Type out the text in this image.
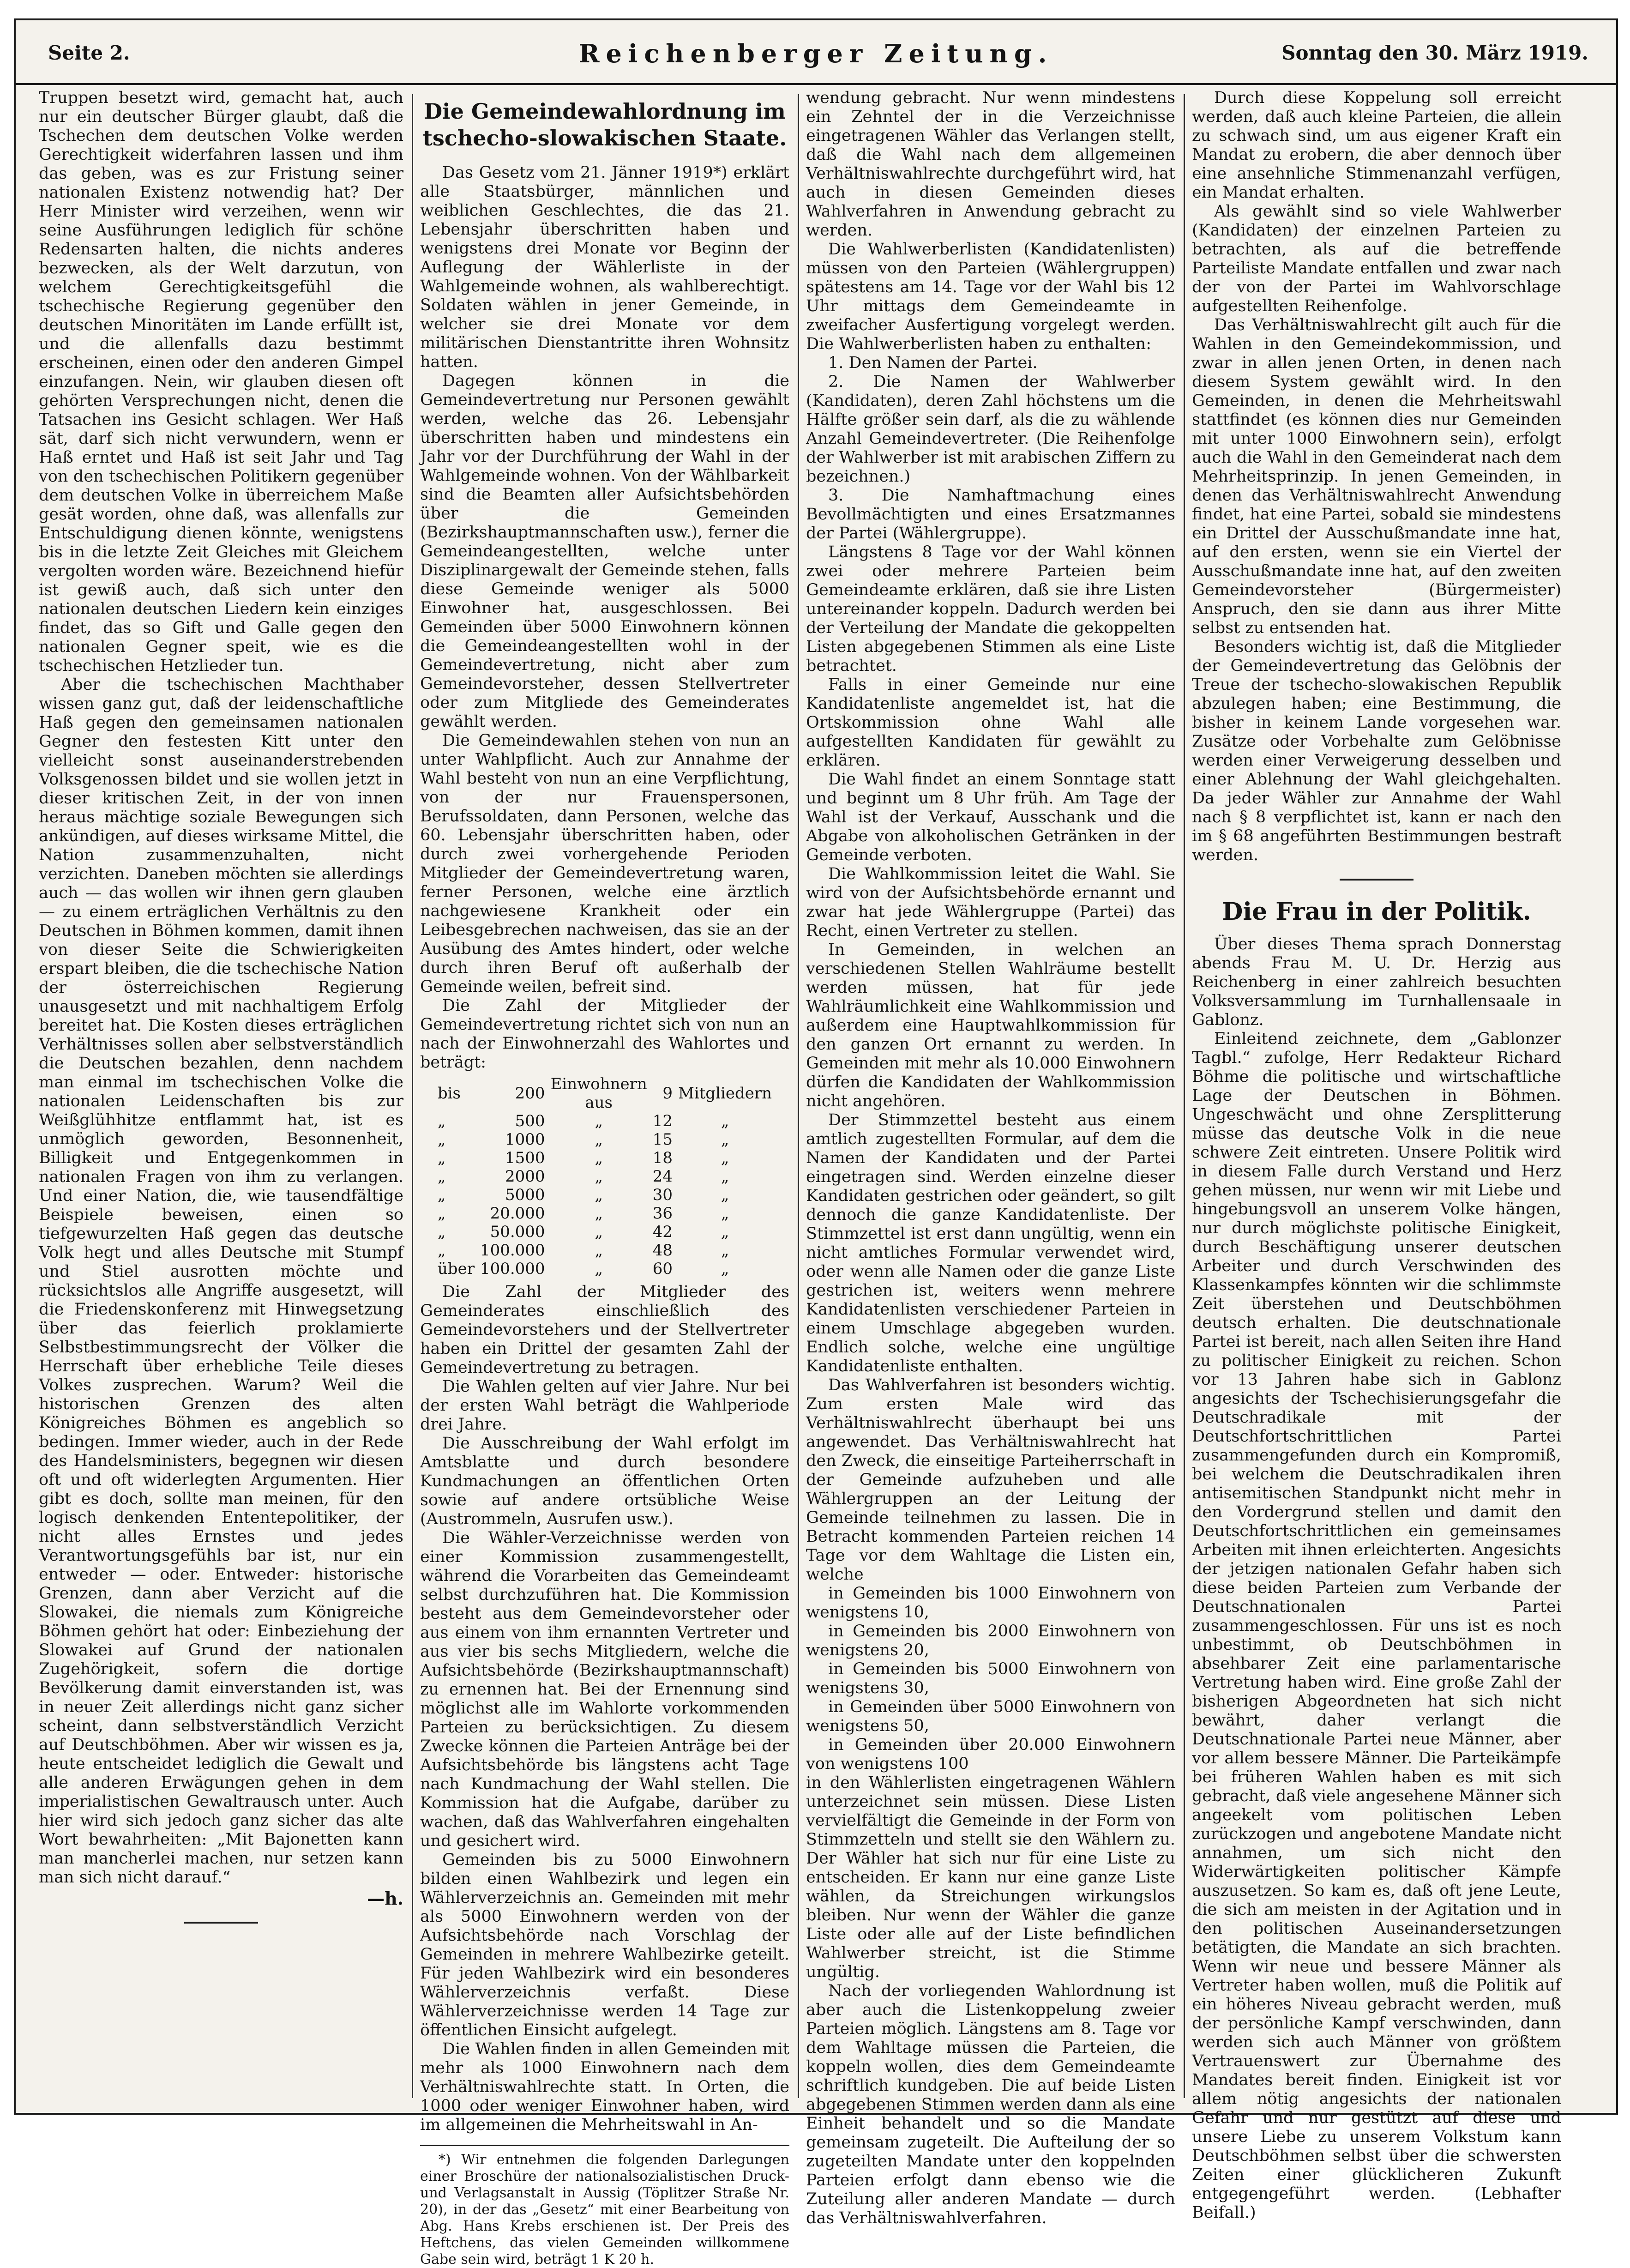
Seite 2.	Reichenberger Zeitung.	Sonntag den 30. März 1919.

Truppen besetzt wird, gemacht hat, auch nur ein deutscher Bürger glaubt, daß die Tschechen dem deutschen Volke werden Gerechtigkeit widerfahren lassen und ihm das geben, was es zur Fristung seiner nationalen Existenz notwendig hat? Der Herr Minister wird verzeihen, wenn wir seine Ausführungen lediglich für schöne Redensarten halten, die nichts anderes bezwecken, als der Welt darzutun, von welchem Gerechtigkeitsgefühl die tschechische Regierung gegenüber den deutschen Minoritäten im Lande erfüllt ist, und die allenfalls dazu bestimmt erscheinen, einen oder den anderen Gimpel einzufangen. Nein, wir glauben diesen oft gehörten Versprechungen nicht, denen die Tatsachen ins Gesicht schlagen. Wer Haß sät, darf sich nicht verwundern, wenn er Haß erntet und Haß ist seit Jahr und Tag von den tschechischen Politikern gegenüber dem deutschen Volke in überreichem Maße gesät worden, ohne daß, was allenfalls zur Entschuldigung dienen könnte, wenigstens bis in die letzte Zeit Gleiches mit Gleichem vergolten worden wäre. Bezeichnend hiefür ist gewiß auch, daß sich unter den nationalen deutschen Liedern kein einziges findet, das so Gift und Galle gegen den nationalen Gegner speit, wie es die tschechischen Hetzlieder tun.

Aber die tschechischen Machthaber wissen ganz gut, daß der leidenschaftliche Haß gegen den gemeinsamen nationalen Gegner den festesten Kitt unter den vielleicht sonst auseinanderstrebenden Volksgenossen bildet und sie wollen jetzt in dieser kritischen Zeit, in der von innen heraus mächtige soziale Bewegungen sich ankündigen, auf dieses wirksame Mittel, die Nation zusammenzuhalten, nicht verzichten. Daneben möchten sie allerdings auch — das wollen wir ihnen gern glauben — zu einem erträglichen Verhältnis zu den Deutschen in Böhmen kommen, damit ihnen von dieser Seite die Schwierigkeiten erspart bleiben, die die tschechische Nation der österreichischen Regierung unausgesetzt und mit nachhaltigem Erfolg bereitet hat. Die Kosten dieses erträglichen Verhältnisses sollen aber selbstverständlich die Deutschen bezahlen, denn nachdem man einmal im tschechischen Volke die nationalen Leidenschaften bis zur Weißglühhitze entflammt hat, ist es unmöglich geworden, Besonnenheit, Billigkeit und Entgegenkommen in nationalen Fragen von ihm zu verlangen. Und einer Nation, die, wie tausendfältige Beispiele beweisen, einen so tiefgewurzelten Haß gegen das deutsche Volk hegt und alles Deutsche mit Stumpf und Stiel ausrotten möchte und rücksichtslos alle Angriffe ausgesetzt, will die Friedenskonferenz mit Hinwegsetzung über das feierlich proklamierte Selbstbestimmungsrecht der Völker die Herrschaft über erhebliche Teile dieses Volkes zusprechen. Warum? Weil die historischen Grenzen des alten Königreiches Böhmen es angeblich so bedingen. Immer wieder, auch in der Rede des Handelsministers, begegnen wir diesen oft und oft widerlegten Argumenten. Hier gibt es doch, sollte man meinen, für den logisch denkenden Ententepolitiker, der nicht alles Ernstes und jedes Verantwortungsgefühls bar ist, nur ein entweder — oder. Entweder: historische Grenzen, dann aber Verzicht auf die Slowakei, die niemals zum Königreiche Böhmen gehört hat oder: Einbeziehung der Slowakei auf Grund der nationalen Zugehörigkeit, sofern die dortige Bevölkerung damit einverstanden ist, was in neuer Zeit allerdings nicht ganz sicher scheint, dann selbstverständlich Verzicht auf Deutschböhmen. Aber wir wissen es ja, heute entscheidet lediglich die Gewalt und alle anderen Erwägungen gehen in dem imperialistischen Gewaltrausch unter. Auch hier wird sich jedoch ganz sicher das alte Wort bewahrheiten: „Mit Bajonetten kann man mancherlei machen, nur setzen kann man sich nicht darauf.“

—h.
Die Gemeindewahlordnung im tschecho-slowakischen Staate.

Das Gesetz vom 21. Jänner 1919*) erklärt alle Staatsbürger, männlichen und weiblichen Geschlechtes, die das 21. Lebensjahr überschritten haben und wenigstens drei Monate vor Beginn der Auflegung der Wählerliste in der Wahlgemeinde wohnen, als wahlberechtigt. Soldaten wählen in jener Gemeinde, in welcher sie drei Monate vor dem militärischen Dienstantritte ihren Wohnsitz hatten.

Dagegen können in die Gemeindevertretung nur Personen gewählt werden, welche das 26. Lebensjahr überschritten haben und mindestens ein Jahr vor der Durchführung der Wahl in der Wahlgemeinde wohnen. Von der Wählbarkeit sind die Beamten aller Aufsichtsbehörden über die Gemeinden (Bezirkshauptmannschaften usw.), ferner die Gemeindeangestellten, welche unter Disziplinargewalt der Gemeinde stehen, falls diese Gemeinde weniger als 5000 Einwohner hat, ausgeschlossen. Bei Gemeinden über 5000 Einwohnern können die Gemeindeangestellten wohl in der Gemeindevertretung, nicht aber zum Gemeindevorsteher, dessen Stellvertreter oder zum Mitgliede des Gemeinderates gewählt werden.

Die Gemeindewahlen stehen von nun an unter Wahlpflicht. Auch zur Annahme der Wahl besteht von nun an eine Verpflichtung, von der nur Frauenspersonen, Berufssoldaten, dann Personen, welche das 60. Lebensjahr überschritten haben, oder durch zwei vorhergehende Perioden Mitglieder der Gemeindevertretung waren, ferner Personen, welche eine ärztlich nachgewiesene Krankheit oder ein Leibesgebrechen nachweisen, das sie an der Ausübung des Amtes hindert, oder welche durch ihren Beruf oft außerhalb der Gemeinde weilen, befreit sind.

Die Zahl der Mitglieder der Gemeindevertretung richtet sich von nun an nach der Einwohnerzahl des Wahlortes und beträgt:

bis	200	Einwohnern aus	9	Mitgliedern
„	500	„	12	„
„	1000	„	15	„
„	1500	„	18	„
„	2000	„	24	„
„	5000	„	30	„
„	20.000	„	36	„
„	50.000	„	42	„
„	100.000	„	48	„
über	100.000	„	60	„

Die Zahl der Mitglieder des Gemeinderates einschließlich des Gemeindevorstehers und der Stellvertreter haben ein Drittel der gesamten Zahl der Gemeindevertretung zu betragen.

Die Wahlen gelten auf vier Jahre. Nur bei der ersten Wahl beträgt die Wahlperiode drei Jahre.

Die Ausschreibung der Wahl erfolgt im Amtsblatte und durch besondere Kundmachungen an öffentlichen Orten sowie auf andere ortsübliche Weise (Austrommeln, Ausrufen usw.).

Die Wähler-Verzeichnisse werden von einer Kommission zusammengestellt, während die Vorarbeiten das Gemeindeamt selbst durchzuführen hat. Die Kommission besteht aus dem Gemeindevorsteher oder aus einem von ihm ernannten Vertreter und aus vier bis sechs Mitgliedern, welche die Aufsichtsbehörde (Bezirkshauptmannschaft) zu ernennen hat. Bei der Ernennung sind möglichst alle im Wahlorte vorkommenden Parteien zu berücksichtigen. Zu diesem Zwecke können die Parteien Anträge bei der Aufsichtsbehörde bis längstens acht Tage nach Kundmachung der Wahl stellen. Die Kommission hat die Aufgabe, darüber zu wachen, daß das Wahlverfahren eingehalten und gesichert wird.

Gemeinden bis zu 5000 Einwohnern bilden einen Wahlbezirk und legen ein Wählerverzeichnis an. Gemeinden mit mehr als 5000 Einwohnern werden von der Aufsichtsbehörde nach Vorschlag der Gemeinden in mehrere Wahlbezirke geteilt. Für jeden Wahlbezirk wird ein besonderes Wählerverzeichnis verfaßt. Diese Wählerverzeichnisse werden 14 Tage zur öffentlichen Einsicht aufgelegt.

Die Wahlen finden in allen Gemeinden mit mehr als 1000 Einwohnern nach dem Verhältniswahlrechte statt. In Orten, die 1000 oder weniger Einwohner haben, wird im allgemeinen die Mehrheitswahl in An-

*) Wir entnehmen die folgenden Darlegungen einer Broschüre der nationalsozialistischen Druck- und Verlagsanstalt in Aussig (Töplitzer Straße Nr. 20), in der das „Gesetz“ mit einer Bearbeitung von Abg. Hans Krebs erschienen ist. Der Preis des Heftchens, das vielen Gemeinden willkommene Gabe sein wird, beträgt 1 K 20 h.

wendung gebracht. Nur wenn mindestens ein Zehntel der in die Verzeichnisse eingetragenen Wähler das Verlangen stellt, daß die Wahl nach dem allgemeinen Verhältniswahlrechte durchgeführt wird, hat auch in diesen Gemeinden dieses Wahlverfahren in Anwendung gebracht zu werden.

Die Wahlwerberlisten (Kandidatenlisten) müssen von den Parteien (Wählergruppen) spätestens am 14. Tage vor der Wahl bis 12 Uhr mittags dem Gemeindeamte in zweifacher Ausfertigung vorgelegt werden. Die Wahlwerberlisten haben zu enthalten:

1. Den Namen der Partei.

2. Die Namen der Wahlwerber (Kandidaten), deren Zahl höchstens um die Hälfte größer sein darf, als die zu wählende Anzahl Gemeindevertreter. (Die Reihenfolge der Wahlwerber ist mit arabischen Ziffern zu bezeichnen.)

3. Die Namhaftmachung eines Bevollmächtigten und eines Ersatzmannes der Partei (Wählergruppe).

Längstens 8 Tage vor der Wahl können zwei oder mehrere Parteien beim Gemeindeamte erklären, daß sie ihre Listen untereinander koppeln. Dadurch werden bei der Verteilung der Mandate die gekoppelten Listen abgegebenen Stimmen als eine Liste betrachtet.

Falls in einer Gemeinde nur eine Kandidatenliste angemeldet ist, hat die Ortskommission ohne Wahl alle aufgestellten Kandidaten für gewählt zu erklären.

Die Wahl findet an einem Sonntage statt und beginnt um 8 Uhr früh. Am Tage der Wahl ist der Verkauf, Ausschank und die Abgabe von alkoholischen Getränken in der Gemeinde verboten.

Die Wahlkommission leitet die Wahl. Sie wird von der Aufsichtsbehörde ernannt und zwar hat jede Wählergruppe (Partei) das Recht, einen Vertreter zu stellen.

In Gemeinden, in welchen an verschiedenen Stellen Wahlräume bestellt werden müssen, hat für jede Wahlräumlichkeit eine Wahlkommission und außerdem eine Hauptwahlkommission für den ganzen Ort ernannt zu werden. In Gemeinden mit mehr als 10.000 Einwohnern dürfen die Kandidaten der Wahlkommission nicht angehören.

Der Stimmzettel besteht aus einem amtlich zugestellten Formular, auf dem die Namen der Kandidaten und der Partei eingetragen sind. Werden einzelne dieser Kandidaten gestrichen oder geändert, so gilt dennoch die ganze Kandidatenliste. Der Stimmzettel ist erst dann ungültig, wenn ein nicht amtliches Formular verwendet wird, oder wenn alle Namen oder die ganze Liste gestrichen ist, weiters wenn mehrere Kandidatenlisten verschiedener Parteien in einem Umschlage abgegeben wurden. Endlich solche, welche eine ungültige Kandidatenliste enthalten.

Das Wahlverfahren ist besonders wichtig. Zum ersten Male wird das Verhältniswahlrecht überhaupt bei uns angewendet. Das Verhältniswahlrecht hat den Zweck, die einseitige Parteiherrschaft in der Gemeinde aufzuheben und alle Wählergruppen an der Leitung der Gemeinde teilnehmen zu lassen. Die in Betracht kommenden Parteien reichen 14 Tage vor dem Wahltage die Listen ein, welche

in Gemeinden bis 1000 Einwohnern von wenigstens 10,

in Gemeinden bis 2000 Einwohnern von wenigstens 20,

in Gemeinden bis 5000 Einwohnern von wenigstens 30,

in Gemeinden über 5000 Einwohnern von wenigstens 50,

in Gemeinden über 20.000 Einwohnern von wenigstens 100

in den Wählerlisten eingetragenen Wählern unterzeichnet sein müssen. Diese Listen vervielfältigt die Gemeinde in der Form von Stimmzetteln und stellt sie den Wählern zu. Der Wähler hat sich nur für eine Liste zu entscheiden. Er kann nur eine ganze Liste wählen, da Streichungen wirkungslos bleiben. Nur wenn der Wähler die ganze Liste oder alle auf der Liste befindlichen Wahlwerber streicht, ist die Stimme ungültig.

Nach der vorliegenden Wahlordnung ist aber auch die Listenkoppelung zweier Parteien möglich. Längstens am 8. Tage vor dem Wahltage müssen die Parteien, die koppeln wollen, dies dem Gemeindeamte schriftlich kundgeben. Die auf beide Listen abgegebenen Stimmen werden dann als eine Einheit behandelt und so die Mandate gemeinsam zugeteilt. Die Aufteilung der so zugeteilten Mandate unter den koppelnden Parteien erfolgt dann ebenso wie die Zuteilung aller anderen Mandate — durch das Verhältniswahlverfahren.

Durch diese Koppelung soll erreicht werden, daß auch kleine Parteien, die allein zu schwach sind, um aus eigener Kraft ein Mandat zu erobern, die aber dennoch über eine ansehnliche Stimmenanzahl verfügen, ein Mandat erhalten.

Als gewählt sind so viele Wahlwerber (Kandidaten) der einzelnen Parteien zu betrachten, als auf die betreffende Parteiliste Mandate entfallen und zwar nach der von der Partei im Wahlvorschlage aufgestellten Reihenfolge.

Das Verhältniswahlrecht gilt auch für die Wahlen in den Gemeindekommission, und zwar in allen jenen Orten, in denen nach diesem System gewählt wird. In den Gemeinden, in denen die Mehrheitswahl stattfindet (es können dies nur Gemeinden mit unter 1000 Einwohnern sein), erfolgt auch die Wahl in den Gemeinderat nach dem Mehrheitsprinzip. In jenen Gemeinden, in denen das Verhältniswahlrecht Anwendung findet, hat eine Partei, sobald sie mindestens ein Drittel der Ausschußmandate inne hat, auf den ersten, wenn sie ein Viertel der Ausschußmandate inne hat, auf den zweiten Gemeindevorsteher (Bürgermeister) Anspruch, den sie dann aus ihrer Mitte selbst zu entsenden hat.

Besonders wichtig ist, daß die Mitglieder der Gemeindevertretung das Gelöbnis der Treue der tschecho-slowakischen Republik abzulegen haben; eine Bestimmung, die bisher in keinem Lande vorgesehen war. Zusätze oder Vorbehalte zum Gelöbnisse werden einer Verweigerung desselben und einer Ablehnung der Wahl gleichgehalten. Da jeder Wähler zur Annahme der Wahl nach § 8 verpflichtet ist, kann er nach den im § 68 angeführten Bestimmungen bestraft werden.

Die Frau in der Politik.

Über dieses Thema sprach Donnerstag abends Frau M. U. Dr. Herzig aus Reichenberg in einer zahlreich besuchten Volksversammlung im Turnhallensaale in Gablonz.

Einleitend zeichnete, dem „Gablonzer Tagbl.“ zufolge, Herr Redakteur Richard Böhme die politische und wirtschaftliche Lage der Deutschen in Böhmen. Ungeschwächt und ohne Zersplitterung müsse das deutsche Volk in die neue schwere Zeit eintreten. Unsere Politik wird in diesem Falle durch Verstand und Herz gehen müssen, nur wenn wir mit Liebe und hingebungsvoll an unserem Volke hängen, nur durch möglichste politische Einigkeit, durch Beschäftigung unserer deutschen Arbeiter und durch Verschwinden des Klassenkampfes könnten wir die schlimmste Zeit überstehen und Deutschböhmen deutsch erhalten. Die deutschnationale Partei ist bereit, nach allen Seiten ihre Hand zu politischer Einigkeit zu reichen. Schon vor 13 Jahren habe sich in Gablonz angesichts der Tschechisierungsgefahr die Deutschradikale mit der Deutschfortschrittlichen Partei zusammengefunden durch ein Kompromiß, bei welchem die Deutschradikalen ihren antisemitischen Standpunkt nicht mehr in den Vordergrund stellen und damit den Deutschfortschrittlichen ein gemeinsames Arbeiten mit ihnen erleichterten. Angesichts der jetzigen nationalen Gefahr haben sich diese beiden Parteien zum Verbande der Deutschnationalen Partei zusammengeschlossen. Für uns ist es noch unbestimmt, ob Deutschböhmen in absehbarer Zeit eine parlamentarische Vertretung haben wird. Eine große Zahl der bisherigen Abgeordneten hat sich nicht bewährt, daher verlangt die Deutschnationale Partei neue Männer, aber vor allem bessere Männer. Die Parteikämpfe bei früheren Wahlen haben es mit sich gebracht, daß viele angesehene Männer sich angeekelt vom politischen Leben zurückzogen und angebotene Mandate nicht annahmen, um sich nicht den Widerwärtigkeiten politischer Kämpfe auszusetzen. So kam es, daß oft jene Leute, die sich am meisten in der Agitation und in den politischen Auseinandersetzungen betätigten, die Mandate an sich brachten. Wenn wir neue und bessere Männer als Vertreter haben wollen, muß die Politik auf ein höheres Niveau gebracht werden, muß der persönliche Kampf verschwinden, dann werden sich auch Männer von größtem Vertrauenswert zur Übernahme des Mandates bereit finden. Einigkeit ist vor allem nötig angesichts der nationalen Gefahr und nur gestützt auf diese und unsere Liebe zu unserem Volkstum kann Deutschböhmen selbst über die schwersten Zeiten einer glücklicheren Zukunft entgegengeführt werden. (Lebhafter Beifall.)
